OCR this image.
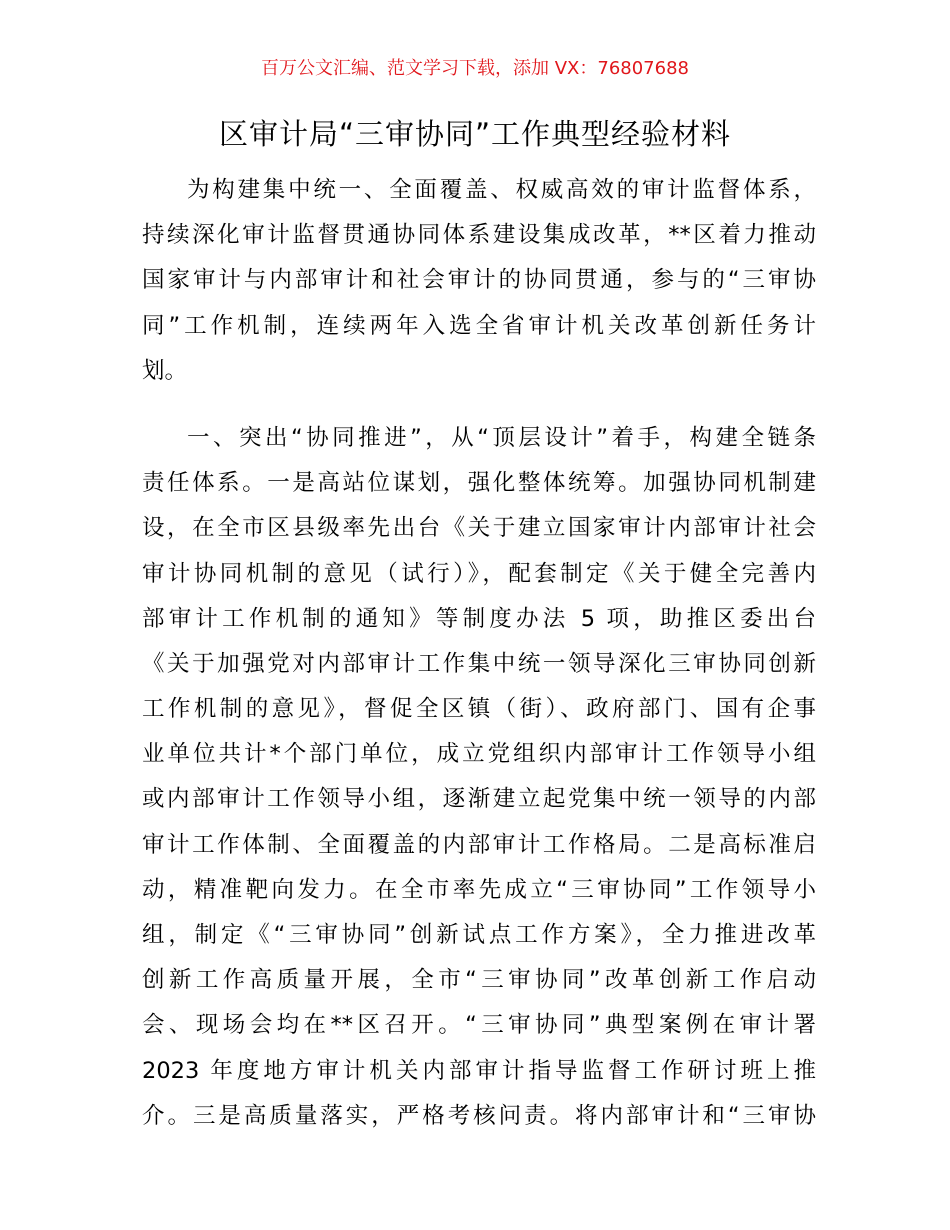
百万公文汇编、范文学习下载，添加 VX：76807688
区审计局“三审协同”工作典型经验材料
为构建集中统一、全面覆盖、权威高效的审计监督体系，
持续深化审计监督贯通协同体系建设集成改革，**区着力推动
国家审计与内部审计和社会审计的协同贯通，参与的“三审协
同”工作机制，连续两年入选全省审计机关改革创新任务计
划。
一、突出“协同推进”，从“顶层设计”着手，构建全链条
责任体系。一是高站位谋划，强化整体统筹。加强协同机制建
设，在全市区县级率先出台《关于建立国家审计内部审计社会
审计协同机制的意见（试行）》，配套制定《关于健全完善内
部审计工作机制的通知》等制度办法 5 项，助推区委出台
《关于加强党对内部审计工作集中统一领导深化三审协同创新
工作机制的意见》，督促全区镇（街）、政府部门、国有企事
业单位共计*个部门单位，成立党组织内部审计工作领导小组
或内部审计工作领导小组，逐渐建立起党集中统一领导的内部
审计工作体制、全面覆盖的内部审计工作格局。二是高标准启
动，精准靶向发力。在全市率先成立“三审协同”工作领导小
组，制定《“三审协同”创新试点工作方案》，全力推进改革
创新工作高质量开展，全市“三审协同”改革创新工作启动
会、现场会均在**区召开。“三审协同”典型案例在审计署
2023 年度地方审计机关内部审计指导监督工作研讨班上推
介。三是高质量落实，严格考核问责。将内部审计和“三审协
